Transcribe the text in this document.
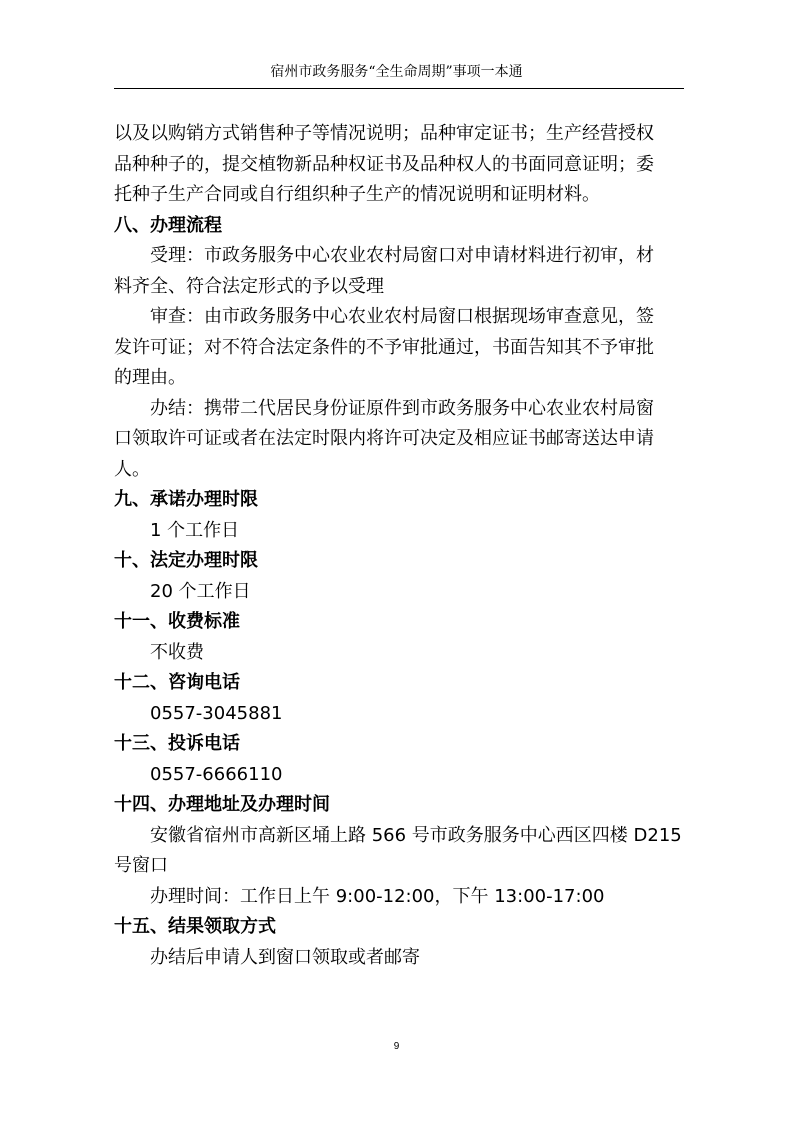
宿州市政务服务“全生命周期”事项一本通
以及以购销方式销售种子等情况说明；品种审定证书；生产经营授权
品种种子的，提交植物新品种权证书及品种权人的书面同意证明；委
托种子生产合同或自行组织种子生产的情况说明和证明材料。
八、办理流程
受理：市政务服务中心农业农村局窗口对申请材料进行初审，材
料齐全、符合法定形式的予以受理
审查：由市政务服务中心农业农村局窗口根据现场审查意见，签
发许可证；对不符合法定条件的不予审批通过，书面告知其不予审批
的理由。
办结：携带二代居民身份证原件到市政务服务中心农业农村局窗
口领取许可证或者在法定时限内将许可决定及相应证书邮寄送达申请
人。
九、承诺办理时限
1 个工作日
十、法定办理时限
20 个工作日
十一、收费标准
不收费
十二、咨询电话
0557-3045881
十三、投诉电话
0557-6666110
十四、办理地址及办理时间
安徽省宿州市高新区埇上路 566 号市政务服务中心西区四楼 D215
号窗口
办理时间：工作日上午 9:00-12:00，下午 13:00-17:00
十五、结果领取方式
办结后申请人到窗口领取或者邮寄
9
